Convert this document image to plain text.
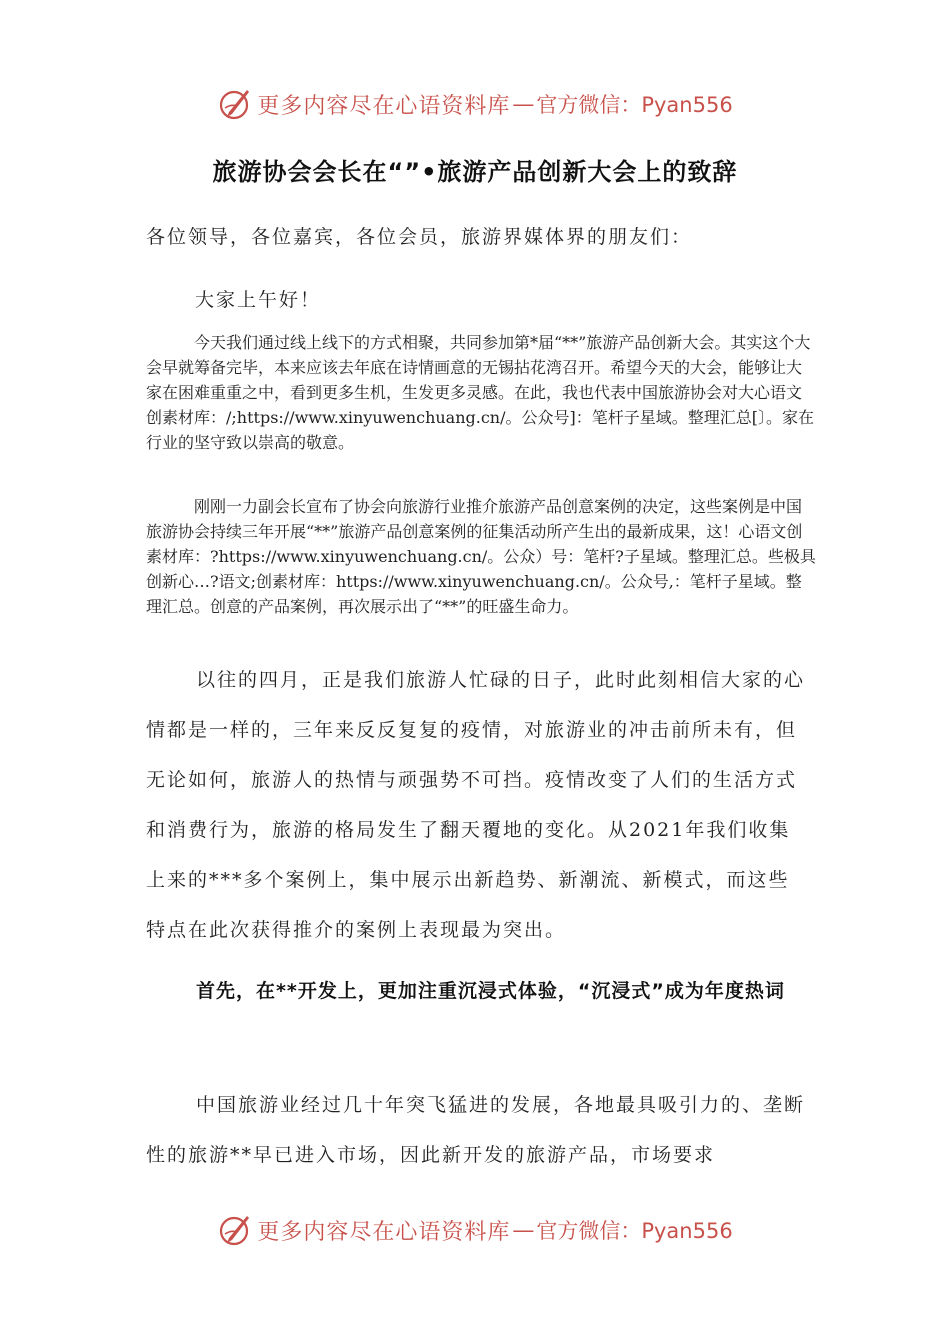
更多内容尽在心语资料库 — 官方微信：Pyan556
旅游协会会长在“”•旅游产品创新大会上的致辞
各位领导，各位嘉宾，各位会员，旅游界媒体界的朋友们：
大家上午好！

今天我们通过线上线下的方式相聚，共同参加第*届“**”旅游产品创新大会。其实这个大会早就筹备完毕，本来应该去年底在诗情画意的无锡拈花湾召开。希望今天的大会，能够让大家在困难重重之中，看到更多生机，生发更多灵感。在此，我也代表中国旅游协会对大心语文创素材库：/;https://www.xinyuwenchuang.cn/。公众号]：笔杆子星域。整理汇总[〕。家在行业的坚守致以崇高的敬意。

刚刚一力副会长宣布了协会向旅游行业推介旅游产品创意案例的决定，这些案例是中国旅游协会持续三年开展“**”旅游产品创意案例的征集活动所产生出的最新成果，这！心语文创素材库：?https://www.xinyuwenchuang.cn/。公众）号：笔杆?子星域。整理汇总。些极具创新心…?语文;创素材库：https://www.xinyuwenchuang.cn/。公众号,：笔杆子星域。整理汇总。创意的产品案例，再次展示出了“**”的旺盛生命力。

以往的四月，正是我们旅游人忙碌的日子，此时此刻相信大家的心情都是一样的，三年来反反复复的疫情，对旅游业的冲击前所未有，但无论如何，旅游人的热情与顽强势不可挡。疫情改变了人们的生活方式和消费行为，旅游的格局发生了翻天覆地的变化。从2021年我们收集上来的***多个案例上，集中展示出新趋势、新潮流、新模式，而这些特点在此次获得推介的案例上表现最为突出。

首先，在**开发上，更加注重沉浸式体验，“沉浸式”成为年度热词

中国旅游业经过几十年突飞猛进的发展，各地最具吸引力的、垄断性的旅游**早已进入市场，因此新开发的旅游产品，市场要求

更多内容尽在心语资料库 — 官方微信：Pyan556
